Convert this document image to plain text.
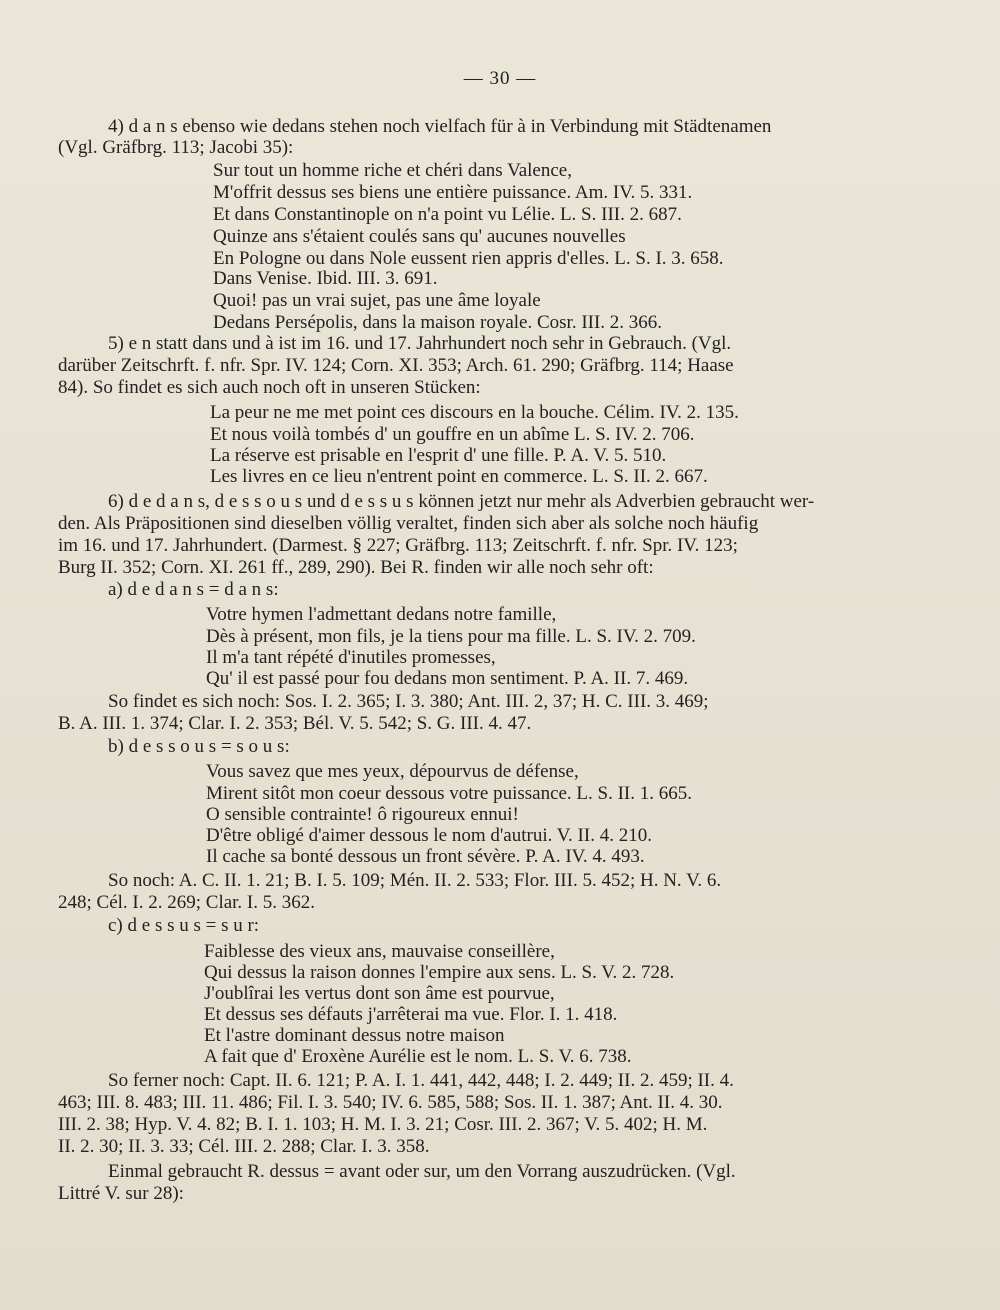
— 30 —
4) d a n s ebenso wie dedans stehen noch vielfach für à in Verbindung mit Städtenamen
(Vgl. Gräfbrg. 113; Jacobi 35):
Sur tout un homme riche et chéri dans Valence,
M'offrit dessus ses biens une entière puissance. Am. IV. 5. 331.
Et dans Constantinople on n'a point vu Lélie. L. S. III. 2. 687.
Quinze ans s'étaient coulés sans qu' aucunes nouvelles
En Pologne ou dans Nole eussent rien appris d'elles. L. S. I. 3. 658.
Dans Venise. Ibid. III. 3. 691.
Quoi! pas un vrai sujet, pas une âme loyale
Dedans Persépolis, dans la maison royale. Cosr. III. 2. 366.
5) e n statt dans und à ist im 16. und 17. Jahrhundert noch sehr in Gebrauch. (Vgl.
darüber Zeitschrft. f. nfr. Spr. IV. 124; Corn. XI. 353; Arch. 61. 290; Gräfbrg. 114; Haase
84). So findet es sich auch noch oft in unseren Stücken:
La peur ne me met point ces discours en la bouche. Célim. IV. 2. 135.
Et nous voilà tombés d' un gouffre en un abîme L. S. IV. 2. 706.
La réserve est prisable en l'esprit d' une fille. P. A. V. 5. 510.
Les livres en ce lieu n'entrent point en commerce. L. S. II. 2. 667.
6) d e d a n s, d e s s o u s und d e s s u s können jetzt nur mehr als Adverbien gebraucht wer-
den. Als Präpositionen sind dieselben völlig veraltet, finden sich aber als solche noch häufig
im 16. und 17. Jahrhundert. (Darmest. § 227; Gräfbrg. 113; Zeitschrft. f. nfr. Spr. IV. 123;
Burg II. 352; Corn. XI. 261 ff., 289, 290). Bei R. finden wir alle noch sehr oft:
a) d e d a n s = d a n s:
Votre hymen l'admettant dedans notre famille,
Dès à présent, mon fils, je la tiens pour ma fille. L. S. IV. 2. 709.
Il m'a tant répété d'inutiles promesses,
Qu' il est passé pour fou dedans mon sentiment. P. A. II. 7. 469.
So findet es sich noch: Sos. I. 2. 365; I. 3. 380; Ant. III. 2, 37; H. C. III. 3. 469;
B. A. III. 1. 374; Clar. I. 2. 353; Bél. V. 5. 542; S. G. III. 4. 47.
b) d e s s o u s = s o u s:
Vous savez que mes yeux, dépourvus de défense,
Mirent sitôt mon coeur dessous votre puissance. L. S. II. 1. 665.
O sensible contrainte! ô rigoureux ennui!
D'être obligé d'aimer dessous le nom d'autrui. V. II. 4. 210.
Il cache sa bonté dessous un front sévère. P. A. IV. 4. 493.
So noch: A. C. II. 1. 21; B. I. 5. 109; Mén. II. 2. 533; Flor. III. 5. 452; H. N. V. 6.
248; Cél. I. 2. 269; Clar. I. 5. 362.
c) d e s s u s = s u r:
Faiblesse des vieux ans, mauvaise conseillère,
Qui dessus la raison donnes l'empire aux sens. L. S. V. 2. 728.
J'oublîrai les vertus dont son âme est pourvue,
Et dessus ses défauts j'arrêterai ma vue. Flor. I. 1. 418.
Et l'astre dominant dessus notre maison
A fait que d' Eroxène Aurélie est le nom. L. S. V. 6. 738.
So ferner noch: Capt. II. 6. 121; P. A. I. 1. 441, 442, 448; I. 2. 449; II. 2. 459; II. 4.
463; III. 8. 483; III. 11. 486; Fil. I. 3. 540; IV. 6. 585, 588; Sos. II. 1. 387; Ant. II. 4. 30.
III. 2. 38; Hyp. V. 4. 82; B. I. 1. 103; H. M. I. 3. 21; Cosr. III. 2. 367; V. 5. 402; H. M.
II. 2. 30; II. 3. 33; Cél. III. 2. 288; Clar. I. 3. 358.
Einmal gebraucht R. dessus = avant oder sur, um den Vorrang auszudrücken. (Vgl.
Littré V. sur 28):
